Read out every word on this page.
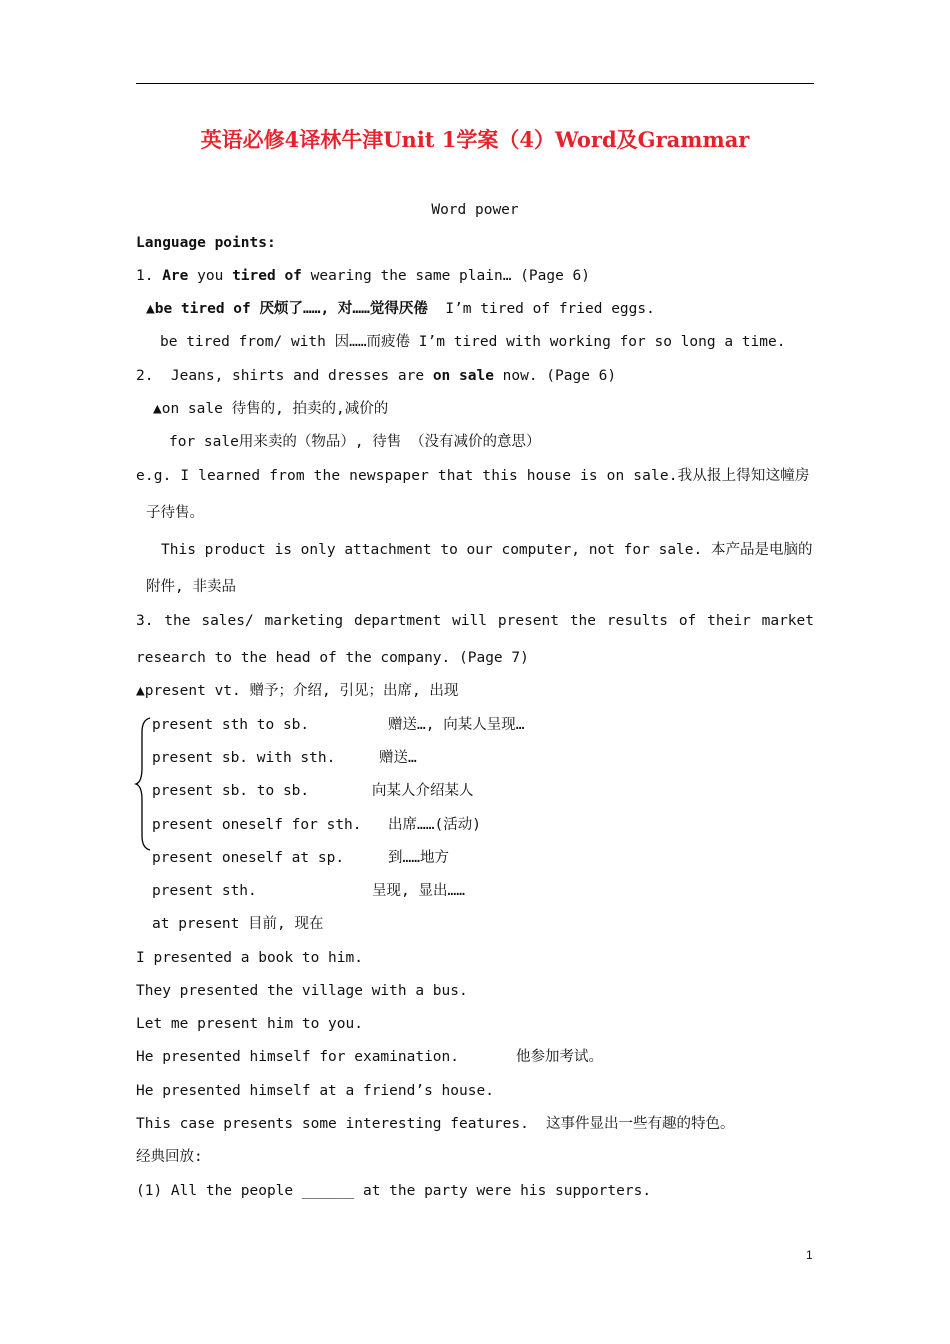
英语必修4译林牛津Unit 1学案（4）Word及Grammar
Word power
Language points:
1. Are you tired of wearing the same plain… (Page 6)
▲be tired of 厌烦了……, 对……觉得厌倦  I’m tired of fried eggs.
be tired from/ with 因……而疲倦 I’m tired with working for so long a time.
2.  Jeans, shirts and dresses are on sale now. (Page 6)
▲on sale 待售的, 拍卖的,减价的
for sale用来卖的（物品）, 待售 （没有减价的意思）
e.g. I learned from the newspaper that this house is on sale.我从报上得知这幢房
子待售。
This product is only attachment to our computer, not for sale. 本产品是电脑的
附件, 非卖品
3. the sales/ marketing department will present the results of their market
research to the head of the company. (Page 7)
▲present vt. 赠予；介绍, 引见；出席, 出现
present sth to sb.	赠送…, 向某人呈现…
present sb. with sth.	赠送…
present sb. to sb.	向某人介绍某人
present oneself for sth. 出席……(活动)
present oneself at sp.	到……地方
present sth.	呈现, 显出……
at present 目前, 现在
I presented a book to him.
They presented the village with a bus.
Let me present him to you.
He presented himself for examination.	他参加考试。
He presented himself at a friend’s house.
This case presents some interesting features. 这事件显出一些有趣的特色。
经典回放:
(1) All the people ______ at the party were his supporters.
1
